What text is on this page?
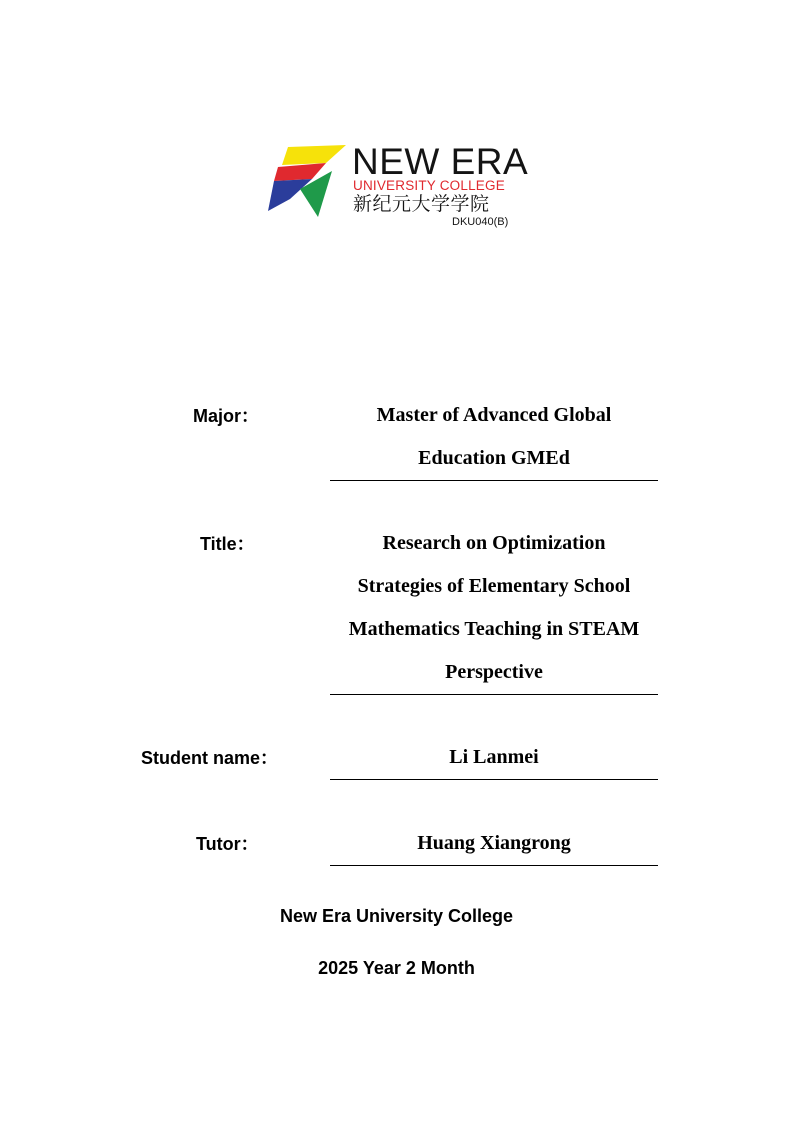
NEW ERA
UNIVERSITY COLLEGE
新纪元大学学院
DKU040(B)
Major：	Master of Advanced Global
Education GMEd
Title：	Research on Optimization
Strategies of Elementary School
Mathematics Teaching in STEAM
Perspective
Student name：	Li Lanmei
Tutor：	Huang Xiangrong
New Era University College
2025 Year 2 Month
